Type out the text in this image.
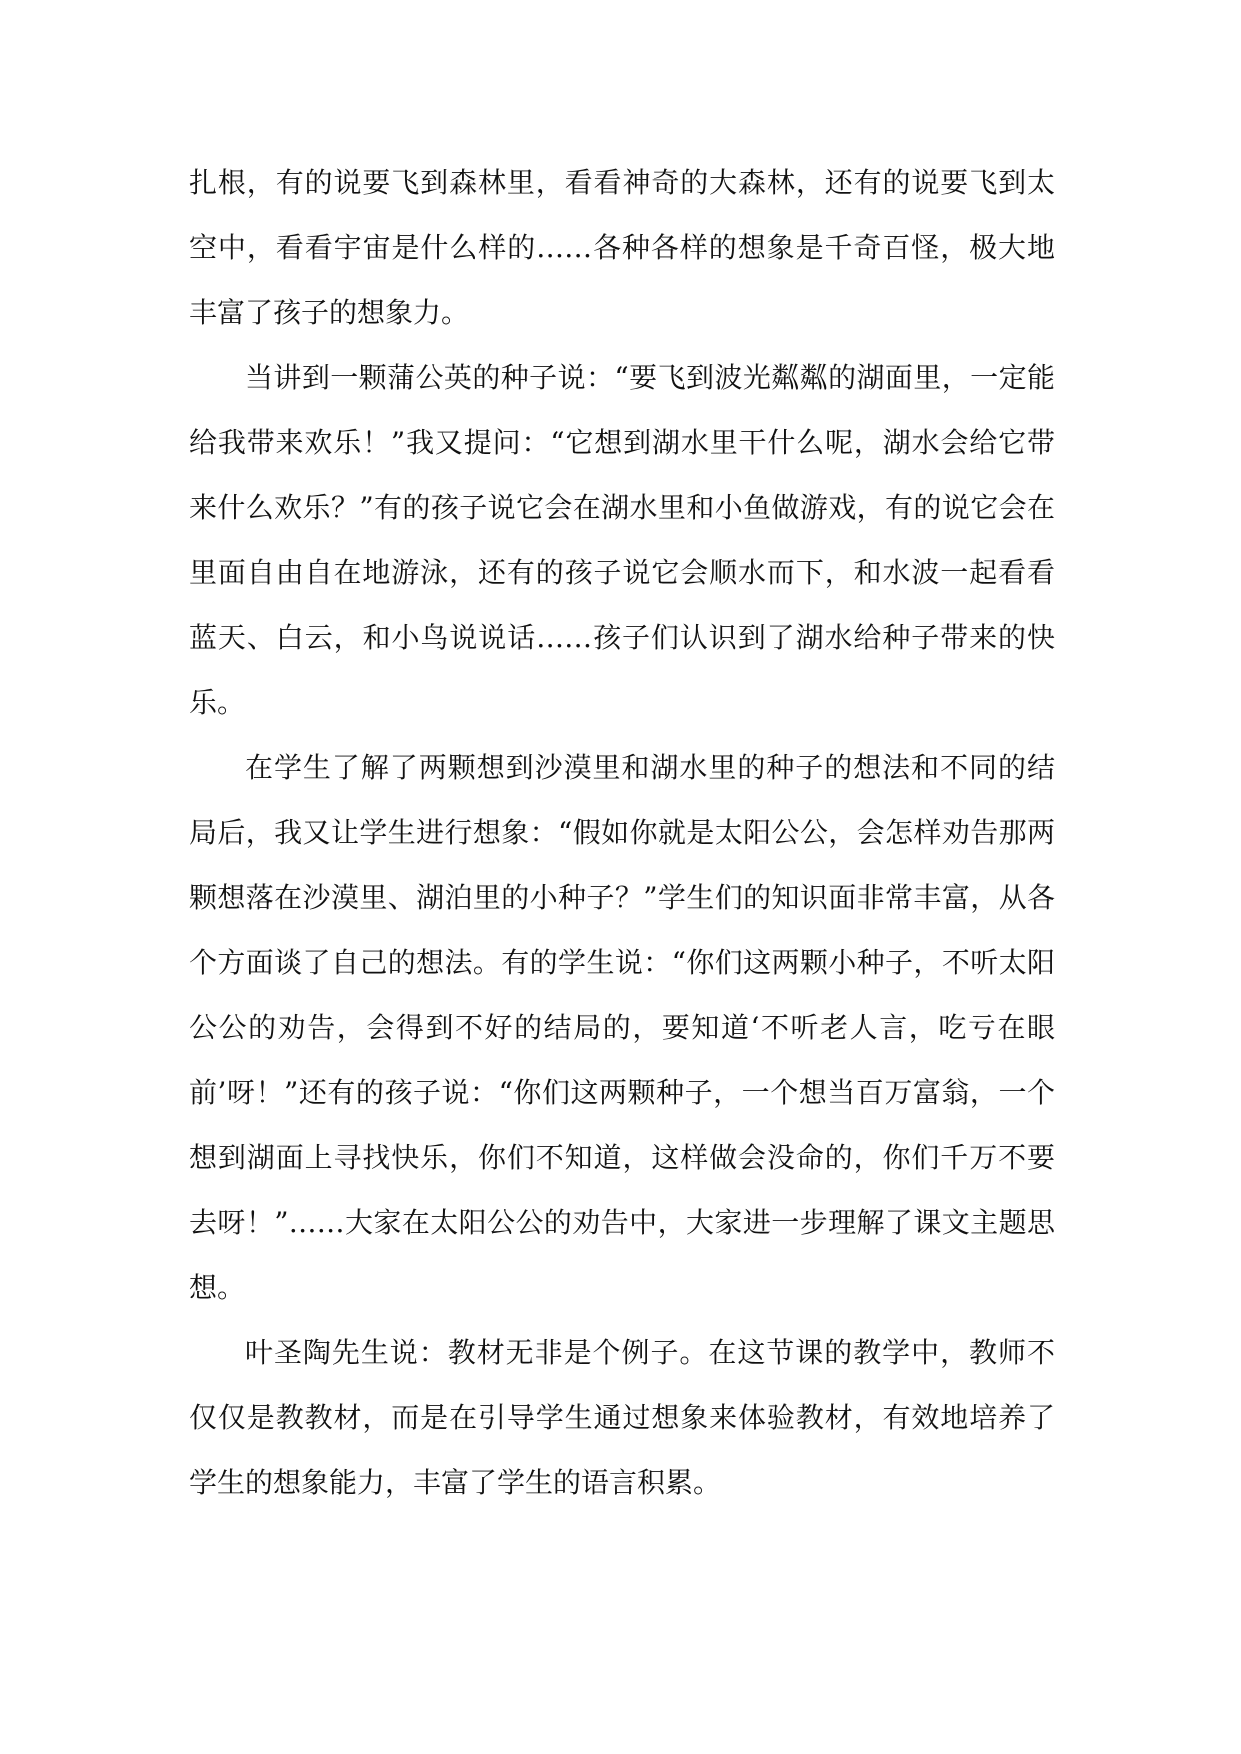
扎根，有的说要飞到森林里，看看神奇的大森林，还有的说要飞到太空中，看看宇宙是什么样的……各种各样的想象是千奇百怪，极大地丰富了孩子的想象力。

当讲到一颗蒲公英的种子说：“要飞到波光粼粼的湖面里，一定能给我带来欢乐！”我又提问：“它想到湖水里干什么呢，湖水会给它带来什么欢乐？”有的孩子说它会在湖水里和小鱼做游戏，有的说它会在里面自由自在地游泳，还有的孩子说它会顺水而下，和水波一起看看蓝天、白云，和小鸟说说话……孩子们认识到了湖水给种子带来的快乐。

在学生了解了两颗想到沙漠里和湖水里的种子的想法和不同的结局后，我又让学生进行想象：“假如你就是太阳公公，会怎样劝告那两颗想落在沙漠里、湖泊里的小种子？”学生们的知识面非常丰富，从各个方面谈了自己的想法。有的学生说：“你们这两颗小种子，不听太阳公公的劝告，会得到不好的结局的，要知道‘不听老人言，吃亏在眼前’呀！”还有的孩子说：“你们这两颗种子，一个想当百万富翁，一个想到湖面上寻找快乐，你们不知道，这样做会没命的，你们千万不要去呀！”……大家在太阳公公的劝告中，大家进一步理解了课文主题思想。

叶圣陶先生说：教材无非是个例子。在这节课的教学中，教师不仅仅是教教材，而是在引导学生通过想象来体验教材，有效地培养了学生的想象能力，丰富了学生的语言积累。
